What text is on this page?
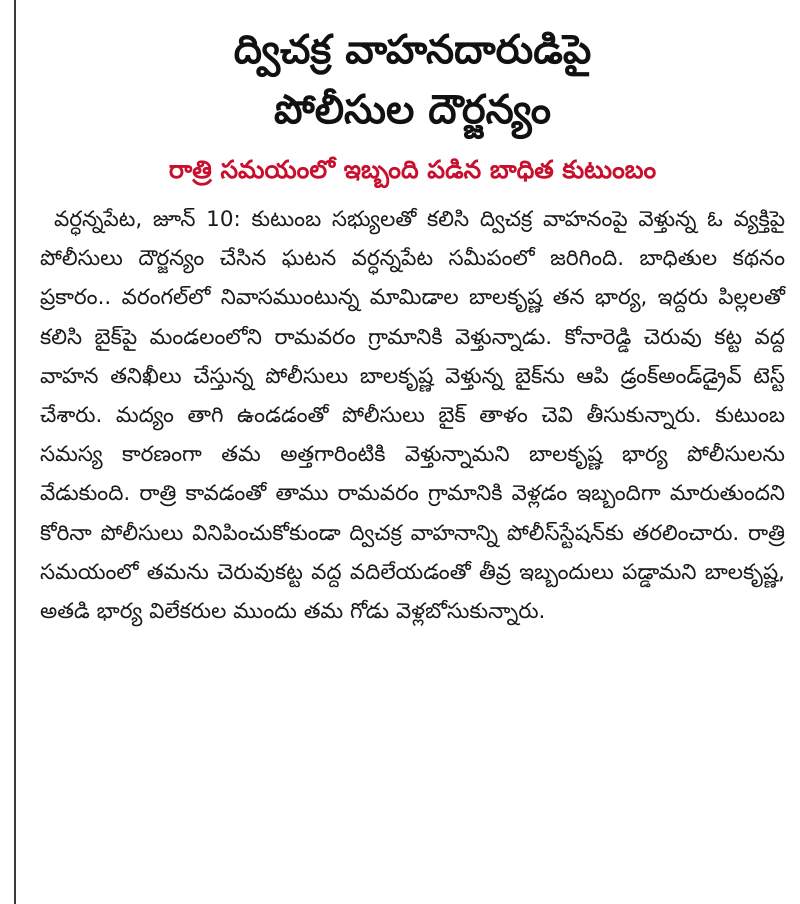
ద్విచక్ర వాహనదారుడిపై
పోలీసుల దౌర్జన్యం
రాత్రి సమయంలో ఇబ్బంది పడిన బాధిత కుటుంబం

వర్ధన్నపేట, జూన్ 10: కుటుంబ సభ్యులతో కలిసి ద్విచక్ర వాహనంపై వెళ్తున్న ఓ వ్యక్తిపై పోలీసులు దౌర్జన్యం చేసిన ఘటన వర్ధన్నపేట సమీపంలో జరిగింది. బాధితుల కథనం ప్రకారం.. వరంగల్‌లో నివాసముంటున్న మామిడాల బాలకృష్ణ తన భార్య, ఇద్దరు పిల్లలతో కలిసి బైక్‌పై మండలంలోని రామవరం గ్రామానికి వెళ్తున్నాడు. కోనారెడ్డి చెరువు కట్ట వద్ద వాహన తనిఖీలు చేస్తున్న పోలీసులు బాలకృష్ణ వెళ్తున్న బైక్‌ను ఆపి డ్రంక్‌అండ్‌డ్రైవ్ టెస్ట్ చేశారు. మద్యం తాగి ఉండడంతో పోలీసులు బైక్ తాళం చెవి తీసుకున్నారు. కుటుంబ సమస్య కారణంగా తమ అత్తగారింటికి వెళ్తున్నామని బాలకృష్ణ భార్య పోలీసులను వేడుకుంది. రాత్రి కావడంతో తాము రామవరం గ్రామానికి వెళ్లడం ఇబ్బందిగా మారుతుందని కోరినా పోలీసులు వినిపించుకోకుండా ద్విచక్ర వాహనాన్ని పోలీస్‌స్టేషన్‌కు తరలించారు. రాత్రి సమయంలో తమను చెరువుకట్ట వద్ద వదిలేయడంతో తీవ్ర ఇబ్బందులు పడ్డామని బాలకృష్ణ, అతడి భార్య విలేకరుల ముందు తమ గోడు వెళ్లబోసుకున్నారు.
